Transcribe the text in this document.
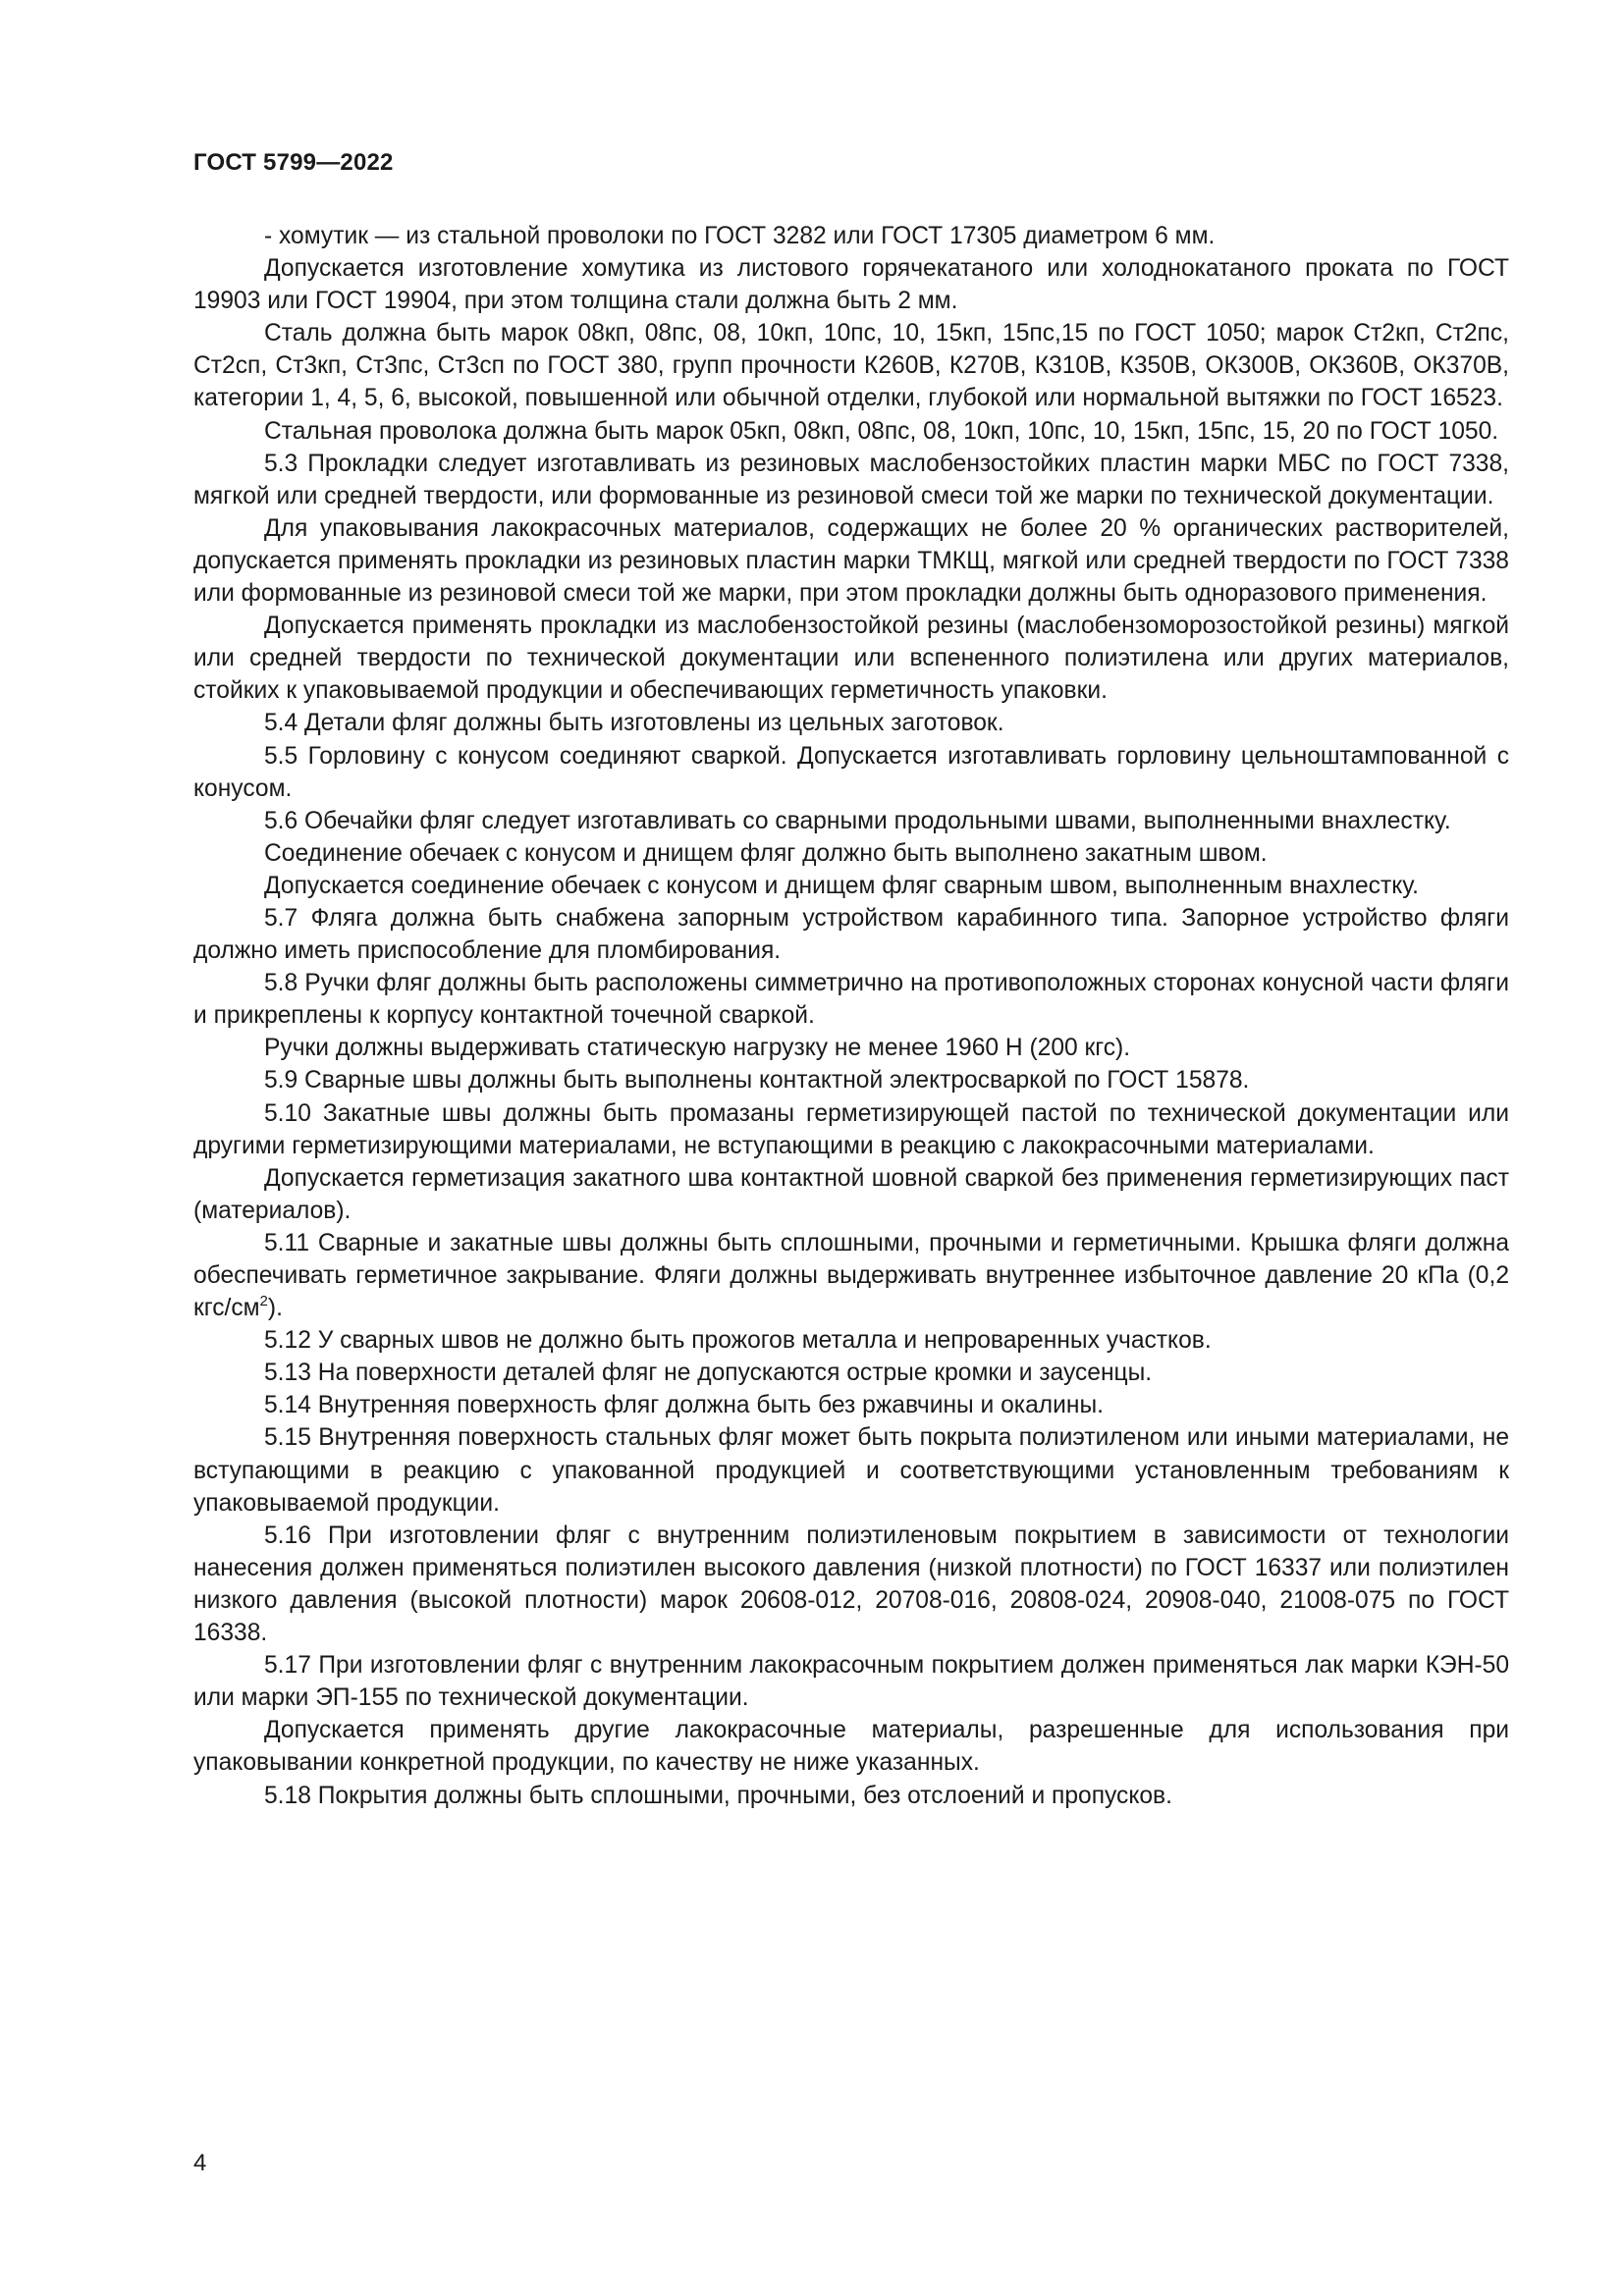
ГОСТ 5799—2022

- хомутик — из стальной проволоки по ГОСТ 3282 или ГОСТ 17305 диаметром 6 мм.

Допускается изготовление хомутика из листового горячекатаного или холоднокатаного проката по ГОСТ 19903 или ГОСТ 19904, при этом толщина стали должна быть 2 мм.

Сталь должна быть марок 08кп, 08пс, 08, 10кп, 10пс, 10, 15кп, 15пс,15 по ГОСТ 1050; марок Ст2кп, Ст2пс, Ст2сп, Ст3кп, Ст3пс, Ст3сп по ГОСТ 380, групп прочности К260В, К270В, К310В, К350В, ОК300В, ОК360В, ОК370В, категории 1, 4, 5, 6, высокой, повышенной или обычной отделки, глубокой или нормальной вытяжки по ГОСТ 16523.

Стальная проволока должна быть марок 05кп, 08кп, 08пс, 08, 10кп, 10пс, 10, 15кп, 15пс, 15, 20 по ГОСТ 1050.

5.3 Прокладки следует изготавливать из резиновых маслобензостойких пластин марки МБС по ГОСТ 7338, мягкой или средней твердости, или формованные из резиновой смеси той же марки по технической документации.

Для упаковывания лакокрасочных материалов, содержащих не более 20 % органических растворителей, допускается применять прокладки из резиновых пластин марки ТМКЩ, мягкой или средней твердости по ГОСТ 7338 или формованные из резиновой смеси той же марки, при этом прокладки должны быть одноразового применения.

Допускается применять прокладки из маслобензостойкой резины (маслобензоморозостойкой резины) мягкой или средней твердости по технической документации или вспененного полиэтилена или других материалов, стойких к упаковываемой продукции и обеспечивающих герметичность упаковки.

5.4 Детали фляг должны быть изготовлены из цельных заготовок.

5.5 Горловину с конусом соединяют сваркой. Допускается изготавливать горловину цельноштампованной с конусом.

5.6 Обечайки фляг следует изготавливать со сварными продольными швами, выполненными внахлестку.

Соединение обечаек с конусом и днищем фляг должно быть выполнено закатным швом.

Допускается соединение обечаек с конусом и днищем фляг сварным швом, выполненным внахлестку.

5.7 Фляга должна быть снабжена запорным устройством карабинного типа. Запорное устройство фляги должно иметь приспособление для пломбирования.

5.8 Ручки фляг должны быть расположены симметрично на противоположных сторонах конусной части фляги и прикреплены к корпусу контактной точечной сваркой.

Ручки должны выдерживать статическую нагрузку не менее 1960 Н (200 кгс).

5.9 Сварные швы должны быть выполнены контактной электросваркой по ГОСТ 15878.

5.10 Закатные швы должны быть промазаны герметизирующей пастой по технической документации или другими герметизирующими материалами, не вступающими в реакцию с лакокрасочными материалами.

Допускается герметизация закатного шва контактной шовной сваркой без применения герметизирующих паст (материалов).

5.11 Сварные и закатные швы должны быть сплошными, прочными и герметичными. Крышка фляги должна обеспечивать герметичное закрывание. Фляги должны выдерживать внутреннее избыточное давление 20 кПа (0,2 кгс/$см^2$).

5.12 У сварных швов не должно быть прожогов металла и непроваренных участков.

5.13 На поверхности деталей фляг не допускаются острые кромки и заусенцы.

5.14 Внутренняя поверхность фляг должна быть без ржавчины и окалины.

5.15 Внутренняя поверхность стальных фляг может быть покрыта полиэтиленом или иными материалами, не вступающими в реакцию с упакованной продукцией и соответствующими установленным требованиям к упаковываемой продукции.

5.16 При изготовлении фляг с внутренним полиэтиленовым покрытием в зависимости от технологии нанесения должен применяться полиэтилен высокого давления (низкой плотности) по ГОСТ 16337 или полиэтилен низкого давления (высокой плотности) марок 20608-012, 20708-016, 20808-024, 20908-040, 21008-075 по ГОСТ 16338.

5.17 При изготовлении фляг с внутренним лакокрасочным покрытием должен применяться лак марки КЭН-50 или марки ЭП-155 по технической документации.

Допускается применять другие лакокрасочные материалы, разрешенные для использования при упаковывании конкретной продукции, по качеству не ниже указанных.

5.18 Покрытия должны быть сплошными, прочными, без отслоений и пропусков.

4
